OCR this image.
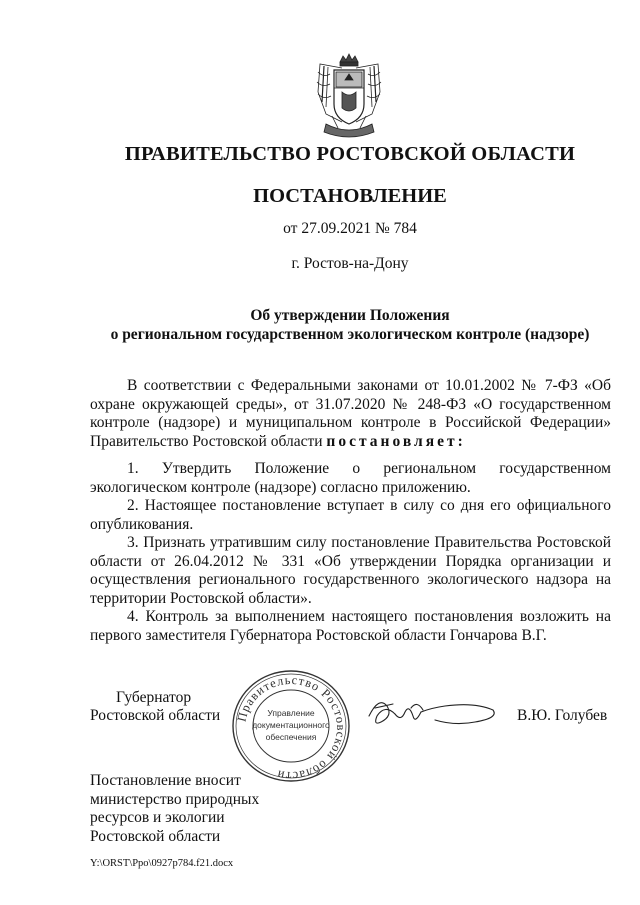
ПРАВИТЕЛЬСТВО РОСТОВСКОЙ ОБЛАСТИ
ПОСТАНОВЛЕНИЕ
от 27.09.2021 № 784
г. Ростов-на-Дону
Об утверждении Положения
о региональном государственном экологическом контроле (надзоре)
В соответствии с Федеральными законами от 10.01.2002 № 7-ФЗ «Об охране окружающей среды», от 31.07.2020 № 248-ФЗ «О государственном контроле (надзоре) и муниципальном контроле в Российской Федерации» Правительство Ростовской области постановляет:

1. Утвердить Положение о региональном государственном экологическом контроле (надзоре) согласно приложению.

2. Настоящее постановление вступает в силу со дня его официального опубликования.

3. Признать утратившим силу постановление Правительства Ростовской области от 26.04.2012 № 331 «Об утверждении Порядка организации и осуществления регионального государственного экологического надзора на территории Ростовской области».

4. Контроль за выполнением настоящего постановления возложить на первого заместителя Губернатора Ростовской области Гончарова В.Г.

Губернатор
Ростовской области Правительство Ростовской области
Управление
документационного
обеспечения
В.Ю. Голубев
Постановление вносит
министерство природных
ресурсов и экологии
Ростовской области
Y:\ORST\Ppo\0927p784.f21.docx
